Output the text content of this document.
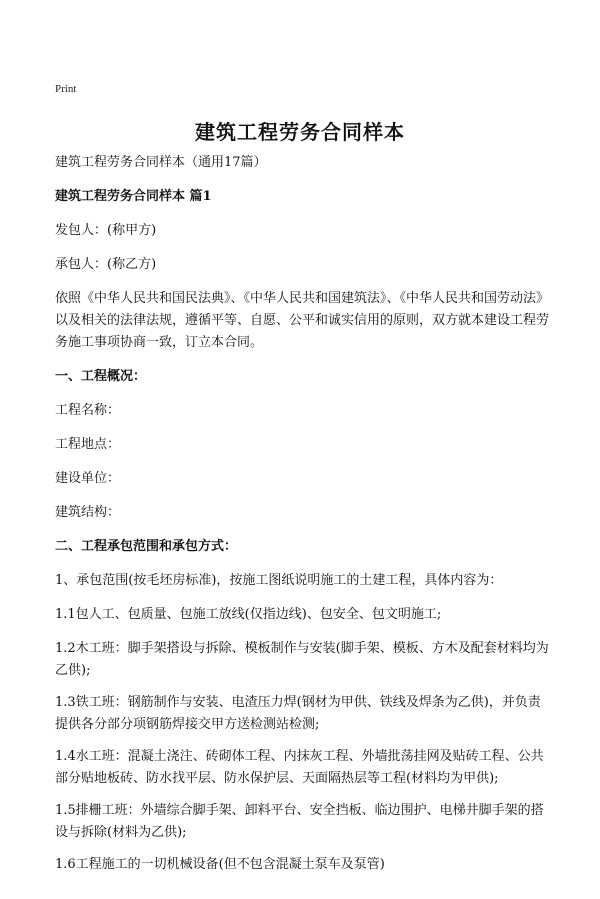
Print
建筑工程劳务合同样本

建筑工程劳务合同样本（通用17篇）

建筑工程劳务合同样本 篇1

发包人：(称甲方)

承包人：(称乙方)

依照《中华人民共和国民法典》、《中华人民共和国建筑法》、《中华人民共和国劳动法》以及相关的法律法规，遵循平等、自愿、公平和诚实信用的原则，双方就本建设工程劳务施工事项协商一致，订立本合同。

一、工程概况：

工程名称：

工程地点：

建设单位：

建筑结构：

二、工程承包范围和承包方式：

1、承包范围(按毛坯房标准)，按施工图纸说明施工的土建工程，具体内容为：

1.1包人工、包质量、包施工放线(仅指边线)、包安全、包文明施工;

1.2木工班：脚手架搭设与拆除、模板制作与安装(脚手架、模板、方木及配套材料均为乙供);

1.3铁工班：钢筋制作与安装、电渣压力焊(钢材为甲供、铁线及焊条为乙供)，并负责提供各分部分项钢筋焊接交甲方送检测站检测;

1.4水工班：混凝土浇注、砖砌体工程、内抹灰工程、外墙批荡挂网及贴砖工程、公共部分贴地板砖、防水找平层、防水保护层、天面隔热层等工程(材料均为甲供);

1.5排栅工班：外墙综合脚手架、卸料平台、安全挡板、临边围护、电梯井脚手架的搭设与拆除(材料为乙供);

1.6工程施工的一切机械设备(但不包含混凝土泵车及泵管)
